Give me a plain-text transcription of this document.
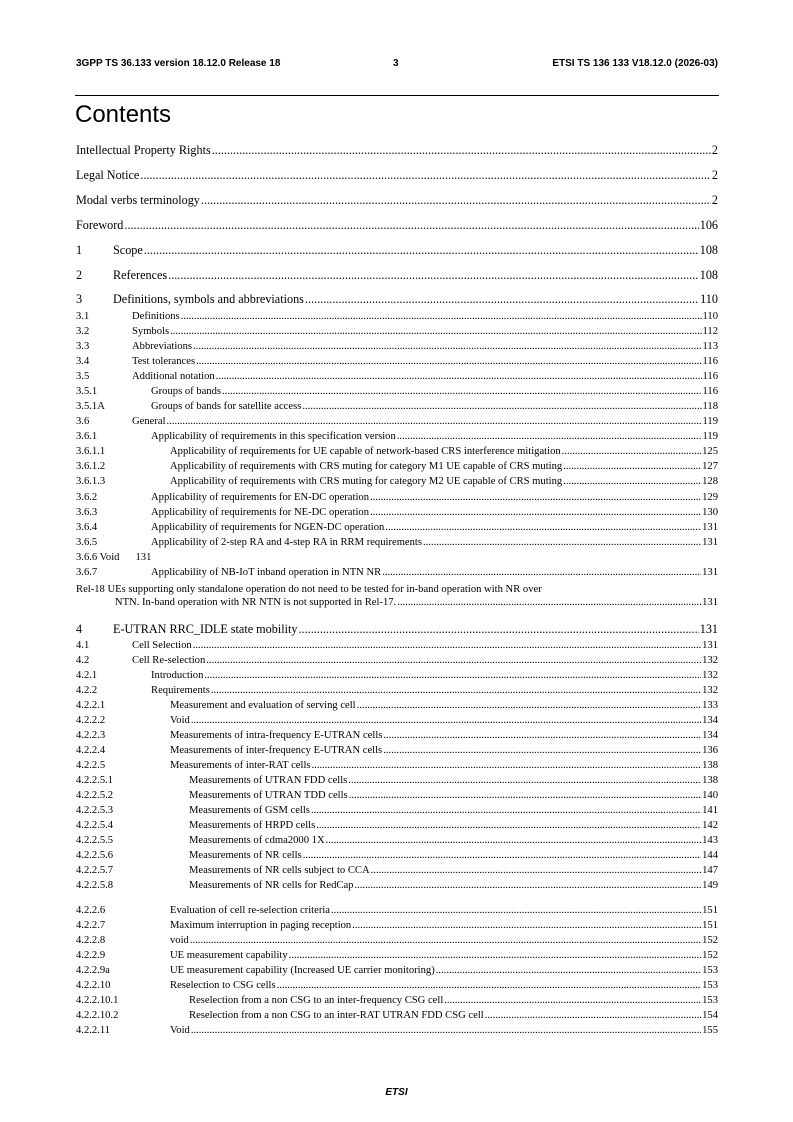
3GPP TS 36.133 version 18.12.0 Release 18	3	ETSI TS 136 133 V18.12.0 (2026-03)
Contents
Intellectual Property Rights .....	2
Legal Notice .....	2
Modal verbs terminology .....	2
Foreword .....	106
1	Scope .....	108
2	References .....	108
3	Definitions, symbols and abbreviations .....	110
3.1	Definitions .....	110
3.2	Symbols .....	112
3.3	Abbreviations .....	113
3.4	Test tolerances .....	116
3.5	Additional notation .....	116
3.5.1	Groups of bands .....	116
3.5.1A	Groups of bands for satellite access .....	118
3.6	General .....	119
3.6.1	Applicability of requirements in this specification version .....	119
3.6.1.1	Applicability of requirements for UE capable of network-based CRS interference mitigation .....	125
3.6.1.2	Applicability of requirements with CRS muting for category M1 UE capable of CRS muting .....	127
3.6.1.3	Applicability of requirements with CRS muting for category M2 UE capable of CRS muting .....	128
3.6.2	Applicability of requirements for EN-DC operation .....	129
3.6.3	Applicability of requirements for NE-DC operation .....	130
3.6.4	Applicability of requirements for NGEN-DC operation .....	131
3.6.5	Applicability of 2-step RA and 4-step RA in RRM requirements .....	131
3.6.6 Void 131
3.6.7	Applicability of NB-IoT inband operation in NTN NR .....	131
Rel-18 UEs supporting only standalone operation do not need to be tested for in-band operation with NR over
NTN. In-band operation with NR NTN is not supported in Rel-17. .....	131
4	E-UTRAN RRC_IDLE state mobility .....	131
4.1	Cell Selection .....	131
4.2	Cell Re-selection .....	132
4.2.1	Introduction .....	132
4.2.2	Requirements .....	132
4.2.2.1	Measurement and evaluation of serving cell .....	133
4.2.2.2	Void .....	134
4.2.2.3	Measurements of intra-frequency E-UTRAN cells .....	134
4.2.2.4	Measurements of inter-frequency E-UTRAN cells .....	136
4.2.2.5	Measurements of inter-RAT cells .....	138
4.2.2.5.1	Measurements of UTRAN FDD cells .....	138
4.2.2.5.2	Measurements of UTRAN TDD cells .....	140
4.2.2.5.3	Measurements of GSM cells .....	141
4.2.2.5.4	Measurements of HRPD cells .....	142
4.2.2.5.5	Measurements of cdma2000 1X .....	143
4.2.2.5.6	Measurements of NR cells .....	144
4.2.2.5.7	Measurements of NR cells subject to CCA .....	147
4.2.2.5.8	Measurements of NR cells for RedCap .....	149
4.2.2.6	Evaluation of cell re-selection criteria .....	151
4.2.2.7	Maximum interruption in paging reception .....	151
4.2.2.8	void .....	152
4.2.2.9	UE measurement capability .....	152
4.2.2.9a	UE measurement capability (Increased UE carrier monitoring) .....	153
4.2.2.10	Reselection to CSG cells .....	153
4.2.2.10.1	Reselection from a non CSG to an inter-frequency CSG cell .....	153
4.2.2.10.2	Reselection from a non CSG to an inter-RAT UTRAN FDD CSG cell .....	154
4.2.2.11	Void .....	155
ETSI
